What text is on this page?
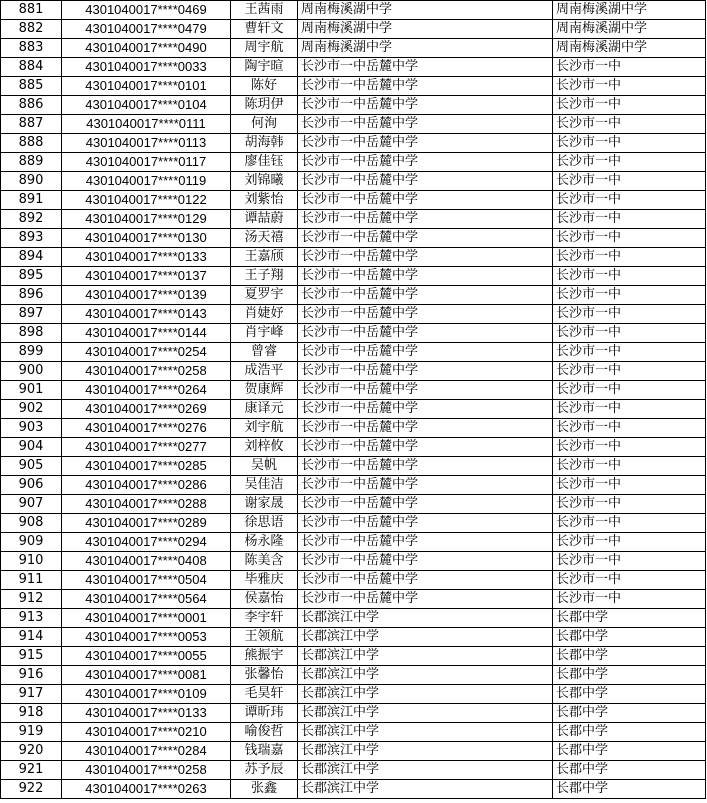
881	4301040017****0469	王茜雨	周南梅溪湖中学	周南梅溪湖中学
882	4301040017****0479	曹轩文	周南梅溪湖中学	周南梅溪湖中学
883	4301040017****0490	周宇航	周南梅溪湖中学	周南梅溪湖中学
884	4301040017****0033	陶宇暄	长沙市一中岳麓中学	长沙市一中
885	4301040017****0101	陈好	长沙市一中岳麓中学	长沙市一中
886	4301040017****0104	陈玥伊	长沙市一中岳麓中学	长沙市一中
887	4301040017****0111	何洵	长沙市一中岳麓中学	长沙市一中
888	4301040017****0113	胡海韩	长沙市一中岳麓中学	长沙市一中
889	4301040017****0117	廖佳钰	长沙市一中岳麓中学	长沙市一中
890	4301040017****0119	刘锦曦	长沙市一中岳麓中学	长沙市一中
891	4301040017****0122	刘紫怡	长沙市一中岳麓中学	长沙市一中
892	4301040017****0129	谭喆蔚	长沙市一中岳麓中学	长沙市一中
893	4301040017****0130	汤天禧	长沙市一中岳麓中学	长沙市一中
894	4301040017****0133	王嘉颀	长沙市一中岳麓中学	长沙市一中
895	4301040017****0137	王子翔	长沙市一中岳麓中学	长沙市一中
896	4301040017****0139	夏罗宇	长沙市一中岳麓中学	长沙市一中
897	4301040017****0143	肖婕妤	长沙市一中岳麓中学	长沙市一中
898	4301040017****0144	肖宇峰	长沙市一中岳麓中学	长沙市一中
899	4301040017****0254	曾睿	长沙市一中岳麓中学	长沙市一中
900	4301040017****0258	成浩平	长沙市一中岳麓中学	长沙市一中
901	4301040017****0264	贺康辉	长沙市一中岳麓中学	长沙市一中
902	4301040017****0269	康译元	长沙市一中岳麓中学	长沙市一中
903	4301040017****0276	刘宇航	长沙市一中岳麓中学	长沙市一中
904	4301040017****0277	刘梓攸	长沙市一中岳麓中学	长沙市一中
905	4301040017****0285	吴帆	长沙市一中岳麓中学	长沙市一中
906	4301040017****0286	吴佳洁	长沙市一中岳麓中学	长沙市一中
907	4301040017****0288	谢家晟	长沙市一中岳麓中学	长沙市一中
908	4301040017****0289	徐思语	长沙市一中岳麓中学	长沙市一中
909	4301040017****0294	杨永隆	长沙市一中岳麓中学	长沙市一中
910	4301040017****0408	陈美含	长沙市一中岳麓中学	长沙市一中
911	4301040017****0504	毕雅庆	长沙市一中岳麓中学	长沙市一中
912	4301040017****0564	侯嘉怡	长沙市一中岳麓中学	长沙市一中
913	4301040017****0001	李宇轩	长郡滨江中学	长郡中学
914	4301040017****0053	王领航	长郡滨江中学	长郡中学
915	4301040017****0055	熊振宇	长郡滨江中学	长郡中学
916	4301040017****0081	张馨怡	长郡滨江中学	长郡中学
917	4301040017****0109	毛昊轩	长郡滨江中学	长郡中学
918	4301040017****0133	谭昕玮	长郡滨江中学	长郡中学
919	4301040017****0210	喻俊哲	长郡滨江中学	长郡中学
920	4301040017****0284	钱瑞嘉	长郡滨江中学	长郡中学
921	4301040017****0258	苏予辰	长郡滨江中学	长郡中学
922	4301040017****0263	张鑫	长郡滨江中学	长郡中学
